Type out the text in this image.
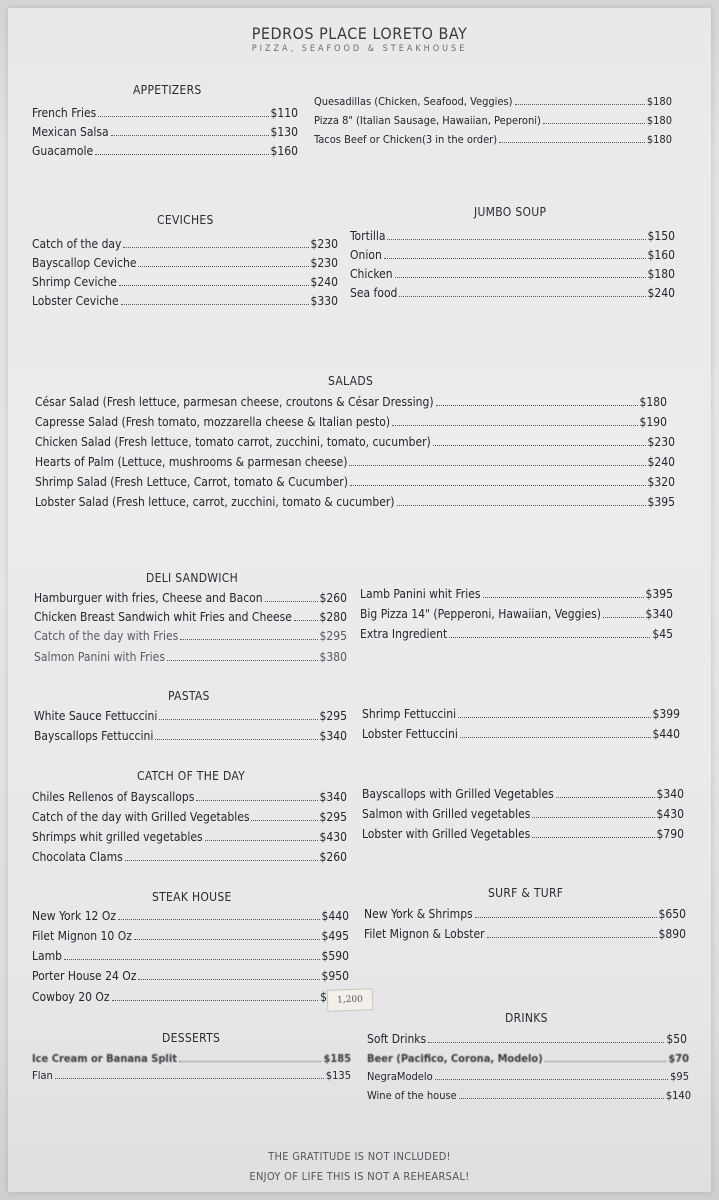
PEDROS PLACE LORETO BAY
PIZZA, SEAFOOD & STEAKHOUSE
APPETIZERS
French Fries	$110
Mexican Salsa	$130
Guacamole	$160
Quesadillas (Chicken, Seafood, Veggies)	$180
Pizza 8" (Italian Sausage, Hawaiian, Peperoni)	$180
Tacos Beef or Chicken(3 in the order)	$180
CEVICHES
Catch of the day	$230
Bayscallop Ceviche	$230
Shrimp Ceviche	$240
Lobster Ceviche	$330
JUMBO SOUP
Tortilla	$150
Onion	$160
Chicken	$180
Sea food	$240
SALADS
César Salad (Fresh lettuce, parmesan cheese, croutons & César Dressing)	$180
Capresse Salad (Fresh tomato, mozzarella cheese & Italian pesto)	$190
Chicken Salad (Fresh lettuce, tomato carrot, zucchini, tomato, cucumber)	$230
Hearts of Palm (Lettuce, mushrooms & parmesan cheese)	$240
Shrimp Salad (Fresh Lettuce, Carrot, tomato & Cucumber)	$320
Lobster Salad (Fresh lettuce, carrot, zucchini, tomato & cucumber)	$395
DELI SANDWICH
Hamburguer with fries, Cheese and Bacon	$260
Chicken Breast Sandwich whit Fries and Cheese $280
Catch of the day with Fries	$295
Salmon Panini with Fries	$380
Lamb Panini whit Fries	$395
Big Pizza 14" (Pepperoni, Hawaiian, Veggies)	$340
Extra Ingredient	$45
PASTAS
White Sauce Fettuccini	$295
Bayscallops Fettuccini	$340
Shrimp Fettuccini	$399
Lobster Fettuccini	$440
CATCH OF THE DAY
Chiles Rellenos of Bayscallops	$340
Catch of the day with Grilled Vegetables	$295
Shrimps whit grilled vegetables	$430
Chocolata Clams	$260
Bayscallops with Grilled Vegetables	$340
Salmon with Grilled vegetables	$430
Lobster with Grilled Vegetables	$790
STEAK HOUSE
New York 12 Oz	$440
Filet Mignon 10 Oz	$495
Lamb	$590
Porter House 24 Oz	$950
Cowboy 20 Oz	$	1,200
SURF & TURF
New York & Shrimps	$650
Filet Mignon & Lobster	$890
DESSERTS
Ice Cream or Banana Split	$185
Flan	$135
DRINKS
Soft Drinks	$50
Beer (Pacifico, Corona, Modelo)	$70
NegraModelo	$95
Wine of the house	$140
THE GRATITUDE IS NOT INCLUDED!
ENJOY OF LIFE THIS IS NOT A REHEARSAL!
